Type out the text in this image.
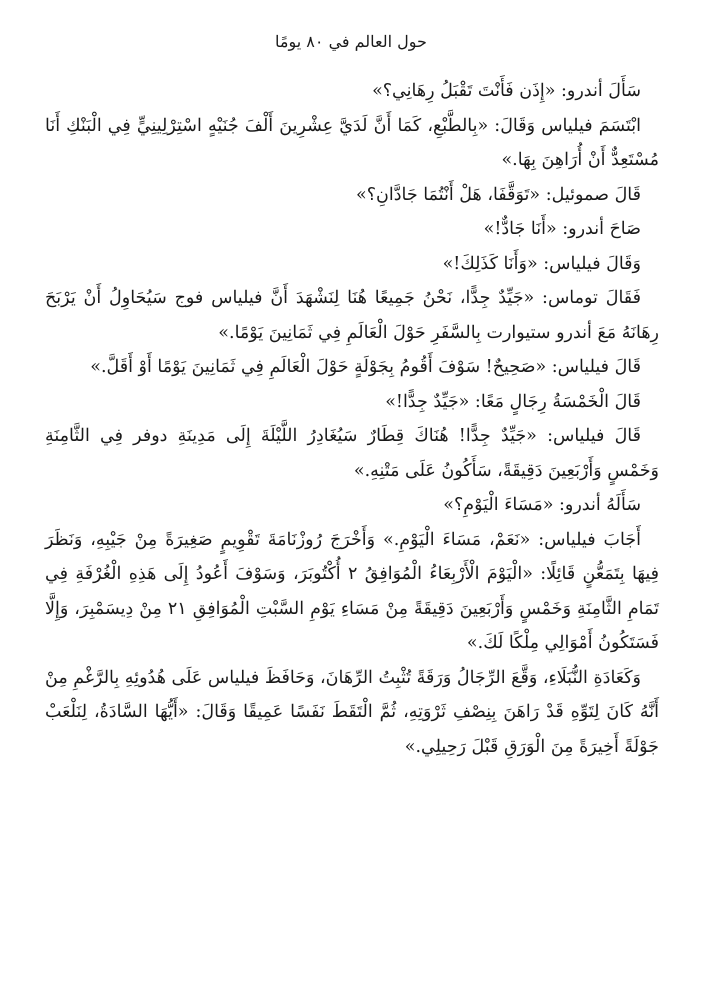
حول العالم في ٨٠ يومًا

سَأَلَ أندرو: «إِذَن فَأَنْتَ تَقْبَلُ رِهَانِي؟»

ابْتَسَمَ فيلياس وَقَالَ: «بِالطَّبْعِ، كَمَا أَنَّ لَدَيَّ عِشْرِينَ أَلْفَ جُنَيْهٍ اسْتِرْلِينِيٍّ فِي الْبَنْكِ أَنَا مُسْتَعِدٌّ أَنْ أُرَاهِنَ بِهَا.»

قَالَ صموئيل: «تَوَقَّفَا، هَلْ أَنْتُمَا جَادَّانِ؟»

صَاحَ أندرو: «أَنَا جَادٌّ!»

وَقَالَ فيلياس: «وَأَنَا كَذَلِكَ!»

فَقَالَ توماس: «جَيِّدٌ جِدًّا، نَحْنُ جَمِيعًا هُنَا لِنَشْهَدَ أَنَّ فيلياس فوج سَيُحَاوِلُ أَنْ يَرْبَحَ رِهَانَهُ مَعَ أندرو ستيوارت بِالسَّفَرِ حَوْلَ الْعَالَمِ فِي ثَمَانِينَ يَوْمًا.»

قَالَ فيلياس: «صَحِيحٌ! سَوْفَ أَقُومُ بِجَوْلَةٍ حَوْلَ الْعَالَمِ فِي ثَمَانِينَ يَوْمًا أَوْ أَقَلَّ.»

قَالَ الْخَمْسَةُ رِجَالٍ مَعًا: «جَيِّدٌ جِدًّا!»

قَالَ فيلياس: «جَيِّدٌ جِدًّا! هُنَاكَ قِطَارٌ سَيُغَادِرُ اللَّيْلَةَ إِلَى مَدِينَةِ دوفر فِي الثَّامِنَةِ وَخَمْسٍ وَأَرْبَعِينَ دَقِيقَةً، سَأَكُونُ عَلَى مَتْنِهِ.»

سَأَلَهُ أندرو: «مَسَاءَ الْيَوْمِ؟»

أَجَابَ فيلياس: «نَعَمْ، مَسَاءَ الْيَوْمِ.» وَأَخْرَجَ رُوزْنَامَةَ تَقْوِيمٍ صَغِيرَةً مِنْ جَيْبِهِ، وَنَظَرَ فِيهَا بِتَمَعُّنٍ قَائِلًا: «الْيَوْمَ الْأَرْبِعَاءُ الْمُوَافِقُ ٢ أُكْتُوبَرَ، وَسَوْفَ أَعُودُ إِلَى هَذِهِ الْغُرْفَةِ فِي تَمَامِ الثَّامِنَةِ وَخَمْسٍ وَأَرْبَعِينَ دَقِيقَةً مِنْ مَسَاءِ يَوْمِ السَّبْتِ الْمُوَافِقِ ٢١ مِنْ دِيسَمْبِرَ، وَإِلَّا فَسَتَكُونُ أَمْوَالِي مِلْكًا لَكَ.»

وَكَعَادَةِ النُّبَلَاءِ، وَقَّعَ الرِّجَالُ وَرَقَةً تُثْبِتُ الرِّهَانَ، وَحَافَظَ فيلياس عَلَى هُدُوئِهِ بِالرَّغْمِ مِنْ أَنَّهُ كَانَ لِتَوِّهِ قَدْ رَاهَنَ بِنِصْفِ ثَرْوَتِهِ، ثُمَّ الْتَقَطَ نَفَسًا عَمِيقًا وَقَالَ: «أَيُّهَا السَّادَةُ، لِنَلْعَبْ جَوْلَةً أَخِيرَةً مِنَ الْوَرَقِ قَبْلَ رَحِيلِي.»
